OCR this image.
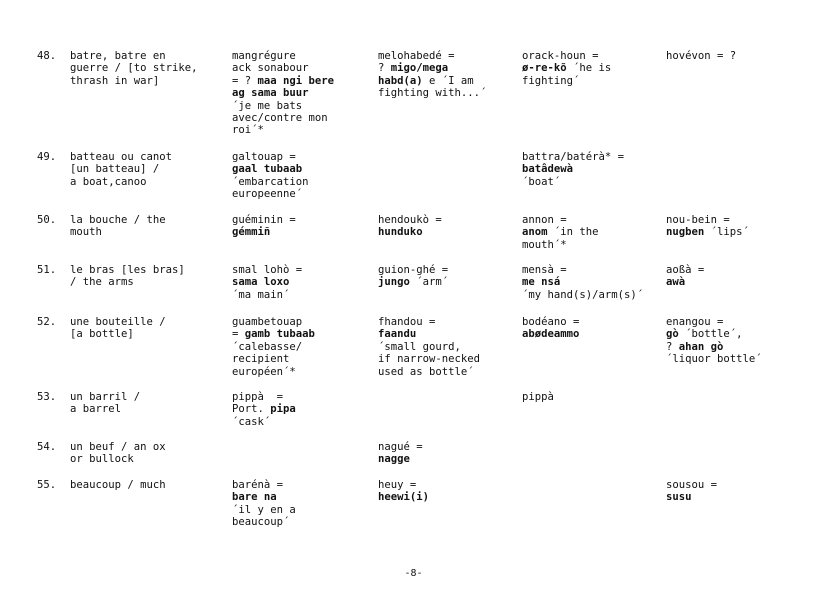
48. batre, batre en
guerre / [to strike,
thrash in war]
mangrégure
ack sonabour
= ? maa ngi bere
ag sama buur
´je me bats
avec/contre mon
roi´*
melohabedé =
? migo/mega
habd(a) e ´I am
fighting with...´
orack-houn =
ø-re-kõ ´he is
fighting´
hovévon = ?
49. batteau ou canot
[un batteau] /
a boat,canoo
galtouap =
gaal tubaab
´embarcation
europeenne´
battra/batérà* =
batâdewà
´boat´
50. la bouche / the
mouth
guéminin =
gémmiñ
hendoukò =
hunduko
annon =
anom ´in the
mouth´*
nou-bein =
nugben ´lips´
51. le bras [les bras]
/ the arms
smal lohò =
sama loxo
´ma main´
guion-ghé =
jungo ´arm´
mensà =
me nsá
´my hand(s)/arm(s)´
aoßà =
awà
52. une bouteille /
[a bottle]
guambetouap
= gamb tubaab
´calebasse/
recipient
européen´*
fhandou =
faandu
´small gourd,
if narrow-necked
used as bottle´
bodéano =
abødeammo
enangou =
gò ´bottle´,
? ahan gò
´liquor bottle´
53. un barril /
a barrel
pippà  =
Port. pipa
´cask´
pippà
54. un beuf / an ox
or bullock
nagué =
nagge
55. beaucoup / much	barénà =
bare na
´il y en a
beaucoup´
heuy =
heewi(i)
sousou =
susu
-8-
